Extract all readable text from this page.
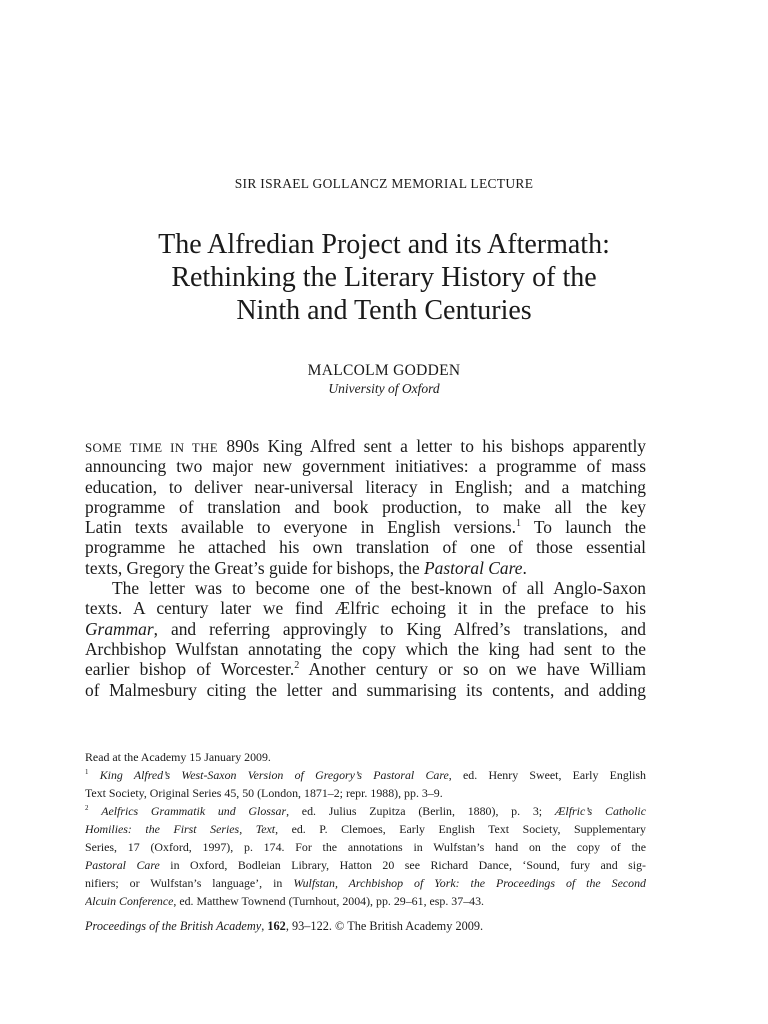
SIR ISRAEL GOLLANCZ MEMORIAL LECTURE
The Alfredian Project and its Aftermath:
Rethinking the Literary History of the
Ninth and Tenth Centuries
MALCOLM GODDEN
University of Oxford
SOME TIME IN THE 890s King Alfred sent a letter to his bishops apparently
announcing two major new government initiatives: a programme of mass
education, to deliver near-universal literacy in English; and a matching
programme of translation and book production, to make all the key
Latin texts available to everyone in English versions.$^1$ To launch the
programme he attached his own translation of one of those essential
texts, Gregory the Great’s guide for bishops, the Pastoral Care.
The letter was to become one of the best-known of all Anglo-Saxon
texts. A century later we find Ælfric echoing it in the preface to his
Grammar, and referring approvingly to King Alfred’s translations, and
Archbishop Wulfstan annotating the copy which the king had sent to the
earlier bishop of Worcester.$^2$ Another century or so on we have William
of Malmesbury citing the letter and summarising its contents, and adding
Read at the Academy 15 January 2009.
$^1$ King Alfred’s West-Saxon Version of Gregory’s Pastoral Care, ed. Henry Sweet, Early English
Text Society, Original Series 45, 50 (London, 1871–2; repr. 1988), pp. 3–9.
$^2$ Aelfrics Grammatik und Glossar, ed. Julius Zupitza (Berlin, 1880), p. 3; Ælfric’s Catholic
Homilies: the First Series, Text, ed. P. Clemoes, Early English Text Society, Supplementary
Series, 17 (Oxford, 1997), p. 174. For the annotations in Wulfstan’s hand on the copy of the
Pastoral Care in Oxford, Bodleian Library, Hatton 20 see Richard Dance, ‘Sound, fury and sig-
nifiers; or Wulfstan’s language’, in Wulfstan, Archbishop of York: the Proceedings of the Second
Alcuin Conference, ed. Matthew Townend (Turnhout, 2004), pp. 29–61, esp. 37–43.
Proceedings of the British Academy, 162, 93–122. © The British Academy 2009.
